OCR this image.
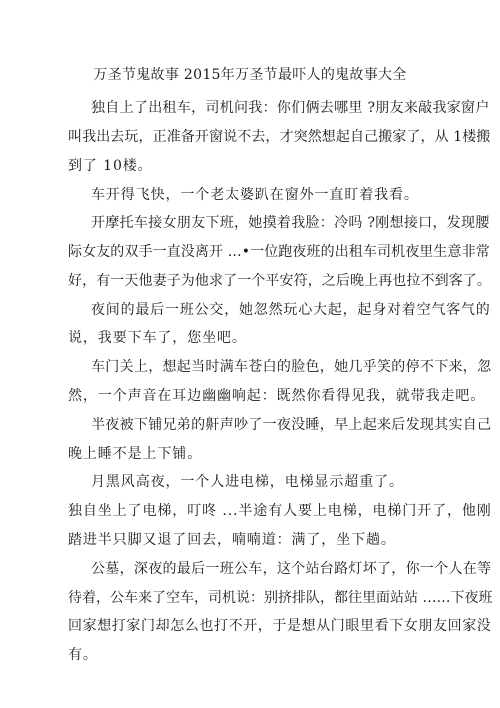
万圣节鬼故事 2015年万圣节最吓人的鬼故事大全
独自上了出租车，司机问我：你们俩去哪里 ?朋友来敲我家窗户
叫我出去玩，正准备开窗说不去，才突然想起自己搬家了，从 1楼搬
到了 10楼。
车开得飞快，一个老太婆趴在窗外一直盯着我看。
开摩托车接女朋友下班，她摸着我脸：冷吗 ?刚想接口，发现腰
际女友的双手一直没离开 …•一位跑夜班的出租车司机夜里生意非常
好，有一天他妻子为他求了一个平安符，之后晚上再也拉不到客了。
夜间的最后一班公交，她忽然玩心大起，起身对着空气客气的
说，我要下车了，您坐吧。
车门关上，想起当时满车苍白的脸色，她几乎笑的停不下来，忽
然，一个声音在耳边幽幽响起：既然你看得见我，就带我走吧。
半夜被下铺兄弟的鼾声吵了一夜没睡，早上起来后发现其实自己
晚上睡不是上下铺。
月黑风高夜，一个人进电梯，电梯显示超重了。
独自坐上了电梯，叮咚 ...半途有人要上电梯，电梯门开了，他刚
踏进半只脚又退了回去，喃喃道：满了，坐下趟。
公墓，深夜的最后一班公车，这个站台路灯坏了，你一个人在等
待着，公车来了空车，司机说：别挤排队，都往里面站站 ……下夜班
回家想打家门却怎么也打不开，于是想从门眼里看下女朋友回家没
有。
